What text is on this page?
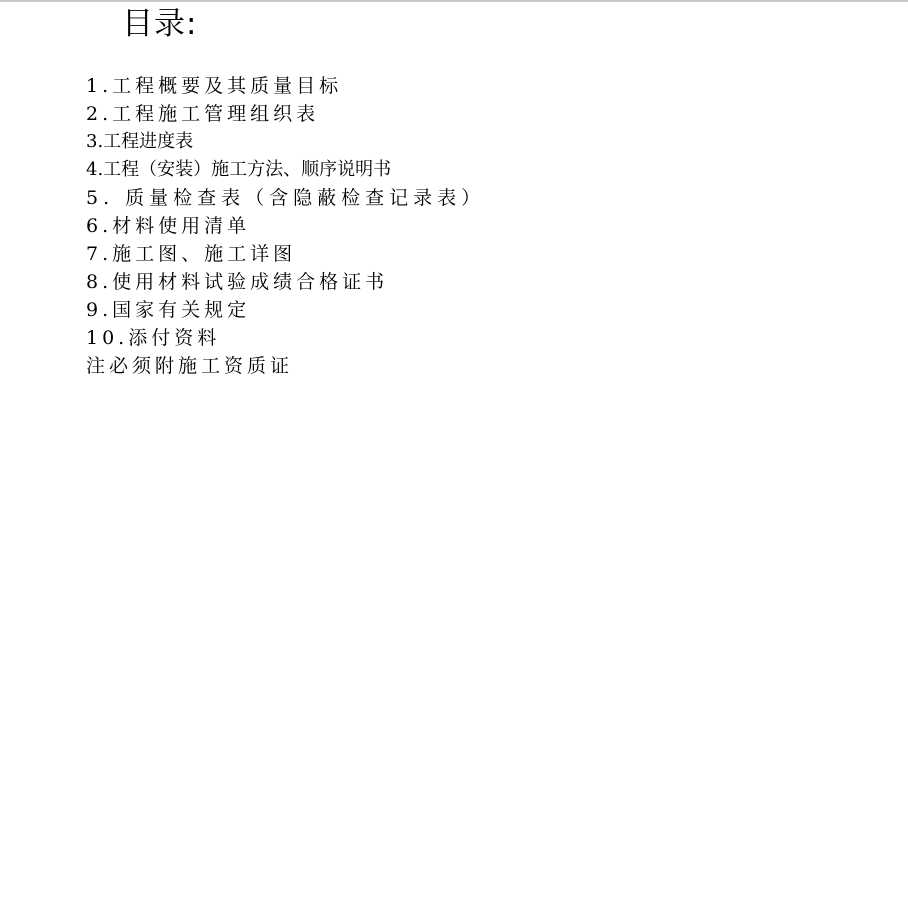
目录:
1.工程概要及其质量目标
2.工程施工管理组织表
3.工程进度表
4.工程（安装）施工方法、顺序说明书
5. 质量检查表（含隐蔽检查记录表）
6.材料使用清单
7.施工图、施工详图
8.使用材料试验成绩合格证书
9.国家有关规定
10.添付资料
注必须附施工资质证
